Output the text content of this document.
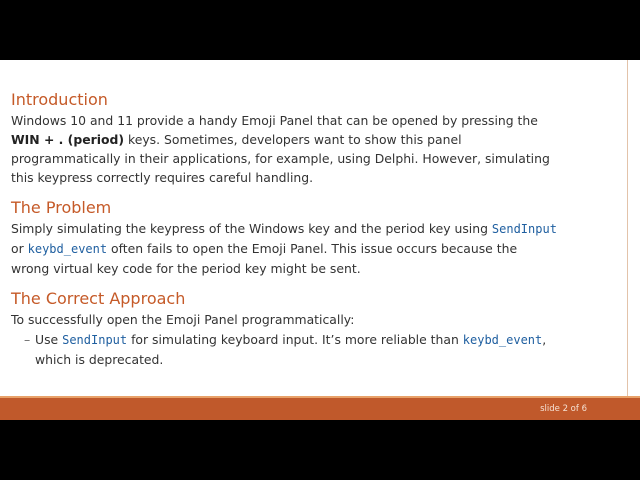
Introduction

Windows 10 and 11 provide a handy Emoji Panel that can be opened by pressing the

WIN + . (period) keys. Sometimes, developers want to show this panel

programmatically in their applications, for example, using Delphi. However, simulating

this keypress correctly requires careful handling.

The Problem

Simply simulating the keypress of the Windows key and the period key using SendInput

or keybd_event often fails to open the Emoji Panel. This issue occurs because the

wrong virtual key code for the period key might be sent.

The Correct Approach

To successfully open the Emoji Panel programmatically:

– Use SendInput for simulating keyboard input. It’s more reliable than keybd_event,
which is deprecated.
slide 2 of 6
